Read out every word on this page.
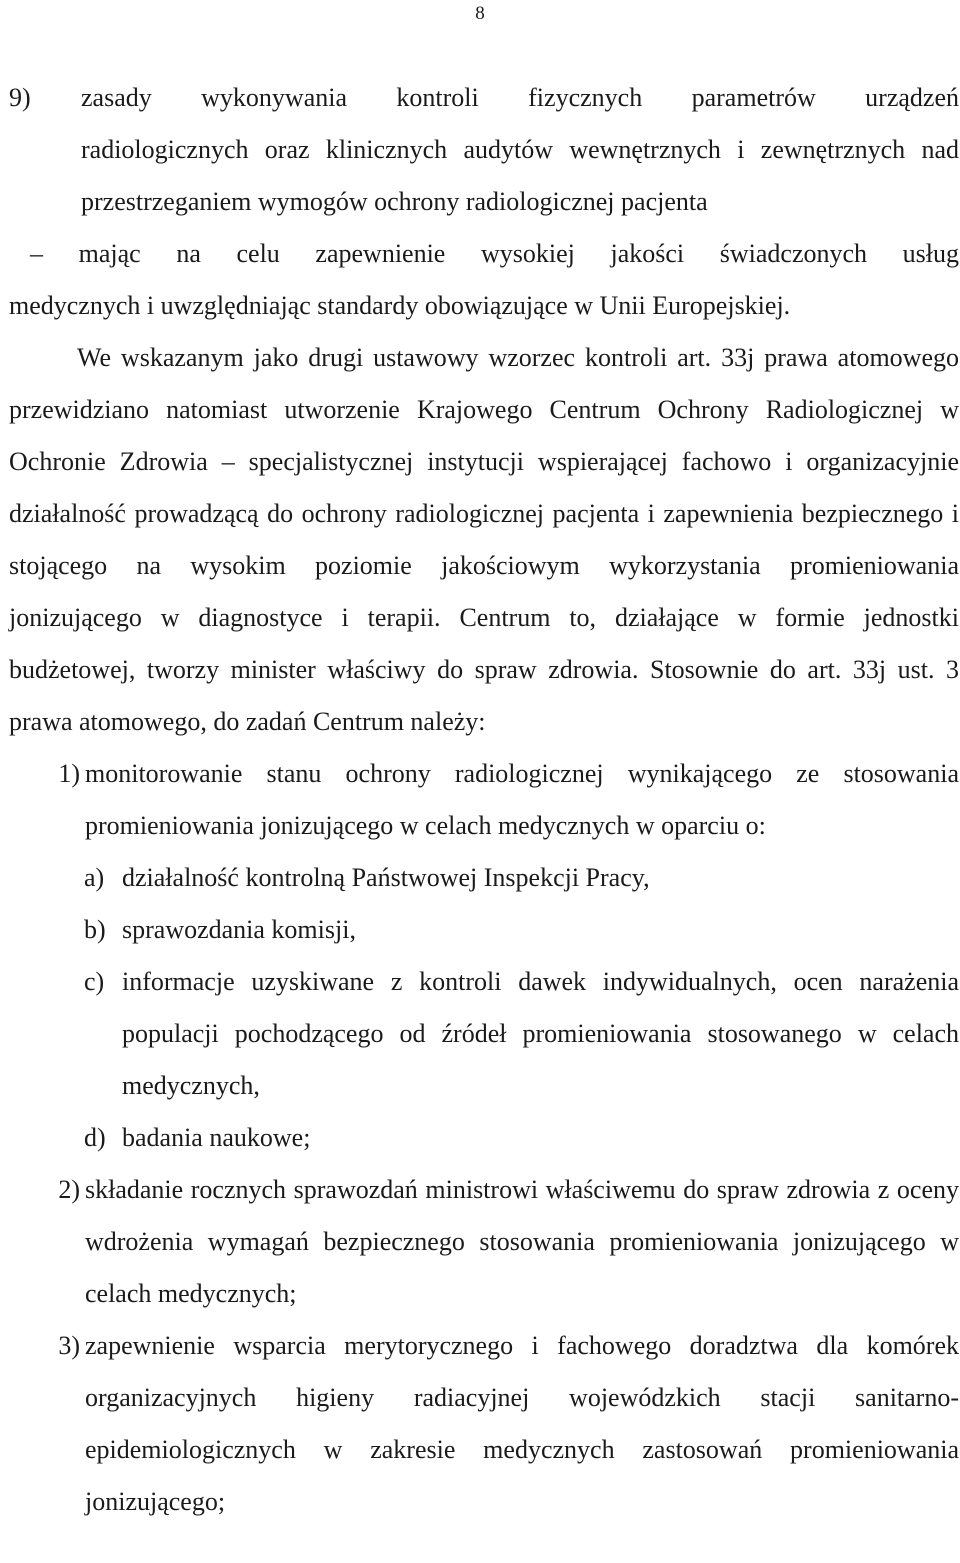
8
9)	zasady wykonywania kontroli fizycznych parametrów urządzeń
radiologicznych oraz klinicznych audytów wewnętrznych i zewnętrznych nad
przestrzeganiem wymogów ochrony radiologicznej pacjenta
– mając na celu zapewnienie wysokiej jakości świadczonych usług
medycznych i uwzględniając standardy obowiązujące w Unii Europejskiej.

We wskazanym jako drugi ustawowy wzorzec kontroli art. 33j prawa atomowego przewidziano natomiast utworzenie Krajowego Centrum Ochrony Radiologicznej w Ochronie Zdrowia – specjalistycznej instytucji wspierającej fachowo i organizacyjnie działalność prowadzącą do ochrony radiologicznej pacjenta i zapewnienia bezpiecznego i stojącego na wysokim poziomie jakościowym wykorzystania promieniowania jonizującego w diagnostyce i terapii. Centrum to, działające w formie jednostki budżetowej, tworzy minister właściwy do spraw zdrowia. Stosownie do art. 33j ust. 3 prawa atomowego, do zadań Centrum należy:

1) monitorowanie stanu ochrony radiologicznej wynikającego ze stosowania promieniowania jonizującego w celach medycznych w oparciu o:
a) działalność kontrolną Państwowej Inspekcji Pracy,
b) sprawozdania komisji,
c) informacje uzyskiwane z kontroli dawek indywidualnych, ocen narażenia populacji pochodzącego od źródeł promieniowania stosowanego w celach medycznych,
d) badania naukowe;
2) składanie rocznych sprawozdań ministrowi właściwemu do spraw zdrowia z oceny wdrożenia wymagań bezpiecznego stosowania promieniowania jonizującego w celach medycznych;
3) zapewnienie wsparcia merytorycznego i fachowego doradztwa dla komórek organizacyjnych higieny radiacyjnej wojewódzkich stacji sanitarno-epidemiologicznych w zakresie medycznych zastosowań promieniowania jonizującego;
